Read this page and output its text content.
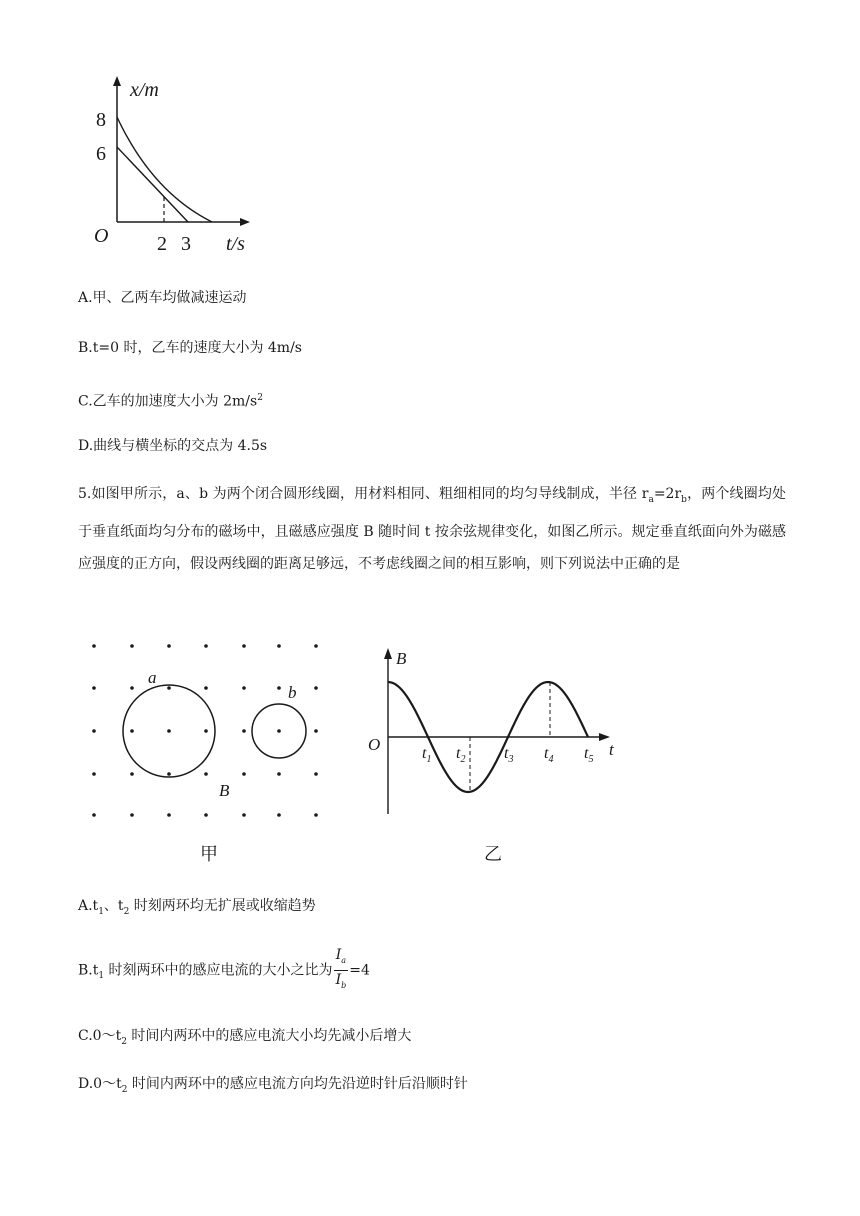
x/m
8
6
O 2 3 t/s
A.甲、乙两车均做减速运动
B.t=0 时，乙车的速度大小为 4m/s
C.乙车的加速度大小为 $2m/s^2$
D.曲线与横坐标的交点为 4.5s
5.如图甲所示，a、b 为两个闭合圆形线圈，用材料相同、粗细相同的均匀导线制成，半径 $r_a=2r_b$，两个线圈均处于垂直纸面均匀分布的磁场中，且磁感应强度 B 随时间 t 按余弦规律变化，如图乙所示。规定垂直纸面向外为磁感应强度的正方向，假设两线圈的距离足够远，不考虑线圈之间的相互影响，则下列说法中正确的是
a
b
B
甲
B
t
O	$t_1$ $t_2$ $t_3$ $t_4$ $t_5$
乙
$A.t_1$、$t_2$ 时刻两环均无扩展或收缩趋势
$B.t_1$ 时刻两环中的感应电流的大小之比为 $\frac{I_a}{I_b} =4$
$C.0\sim t_2$ 时间内两环中的感应电流大小均先减小后增大
$D.0\sim t_2$ 时间内两环中的感应电流方向均先沿逆时针后沿顺时针
